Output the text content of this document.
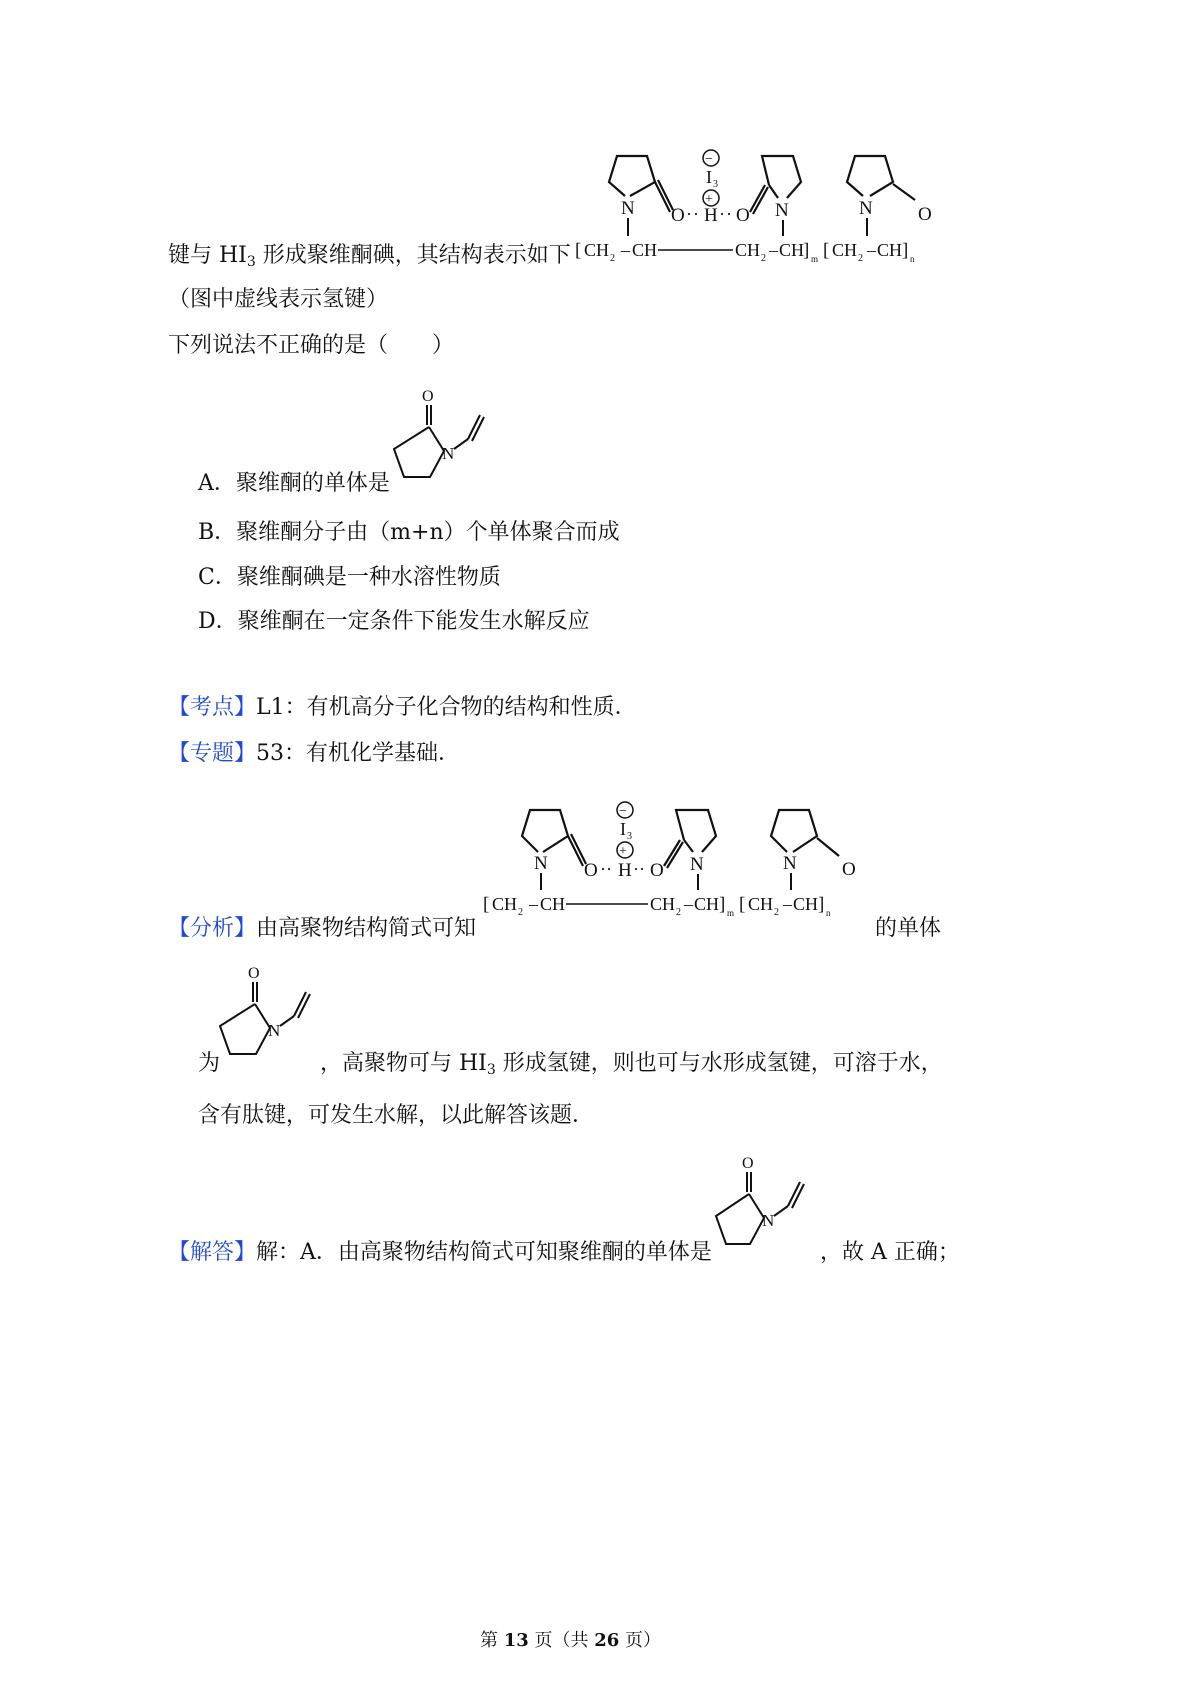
键与 $HI_3$ 形成聚维酮碘，其结构表示如下
−
I 3
+
O
N	·· H ·· O N	O
N
[ CH 2 – CH	CH 2 – CH
] m [ CH 2 – CH ] n
（图中虚线表示氢键）
下列说法不正确的是（　　）
A．聚维酮的单体是
O
N
B．聚维酮分子由（m+n）个单体聚合而成
C．聚维酮碘是一种水溶性物质
D．聚维酮在一定条件下能发生水解反应
【考点】L1：有机高分子化合物的结构和性质．
【专题】53：有机化学基础．
【分析】由高聚物结构简式可知
−
I 3
+
O
N	·· H ·· O N	O
N
[ CH 2 – CH	CH 2 – CH ] m [ CH 2 – CH ] n
的单体
O
N
为	，高聚物可与 $HI_3$ 形成氢键，则也可与水形成氢键，可溶于水，
含有肽键，可发生水解，以此解答该题．
【解答】解：A．由高聚物结构简式可知聚维酮的单体是
O
N
，故 A 正确；
第 13 页（共 26 页）
